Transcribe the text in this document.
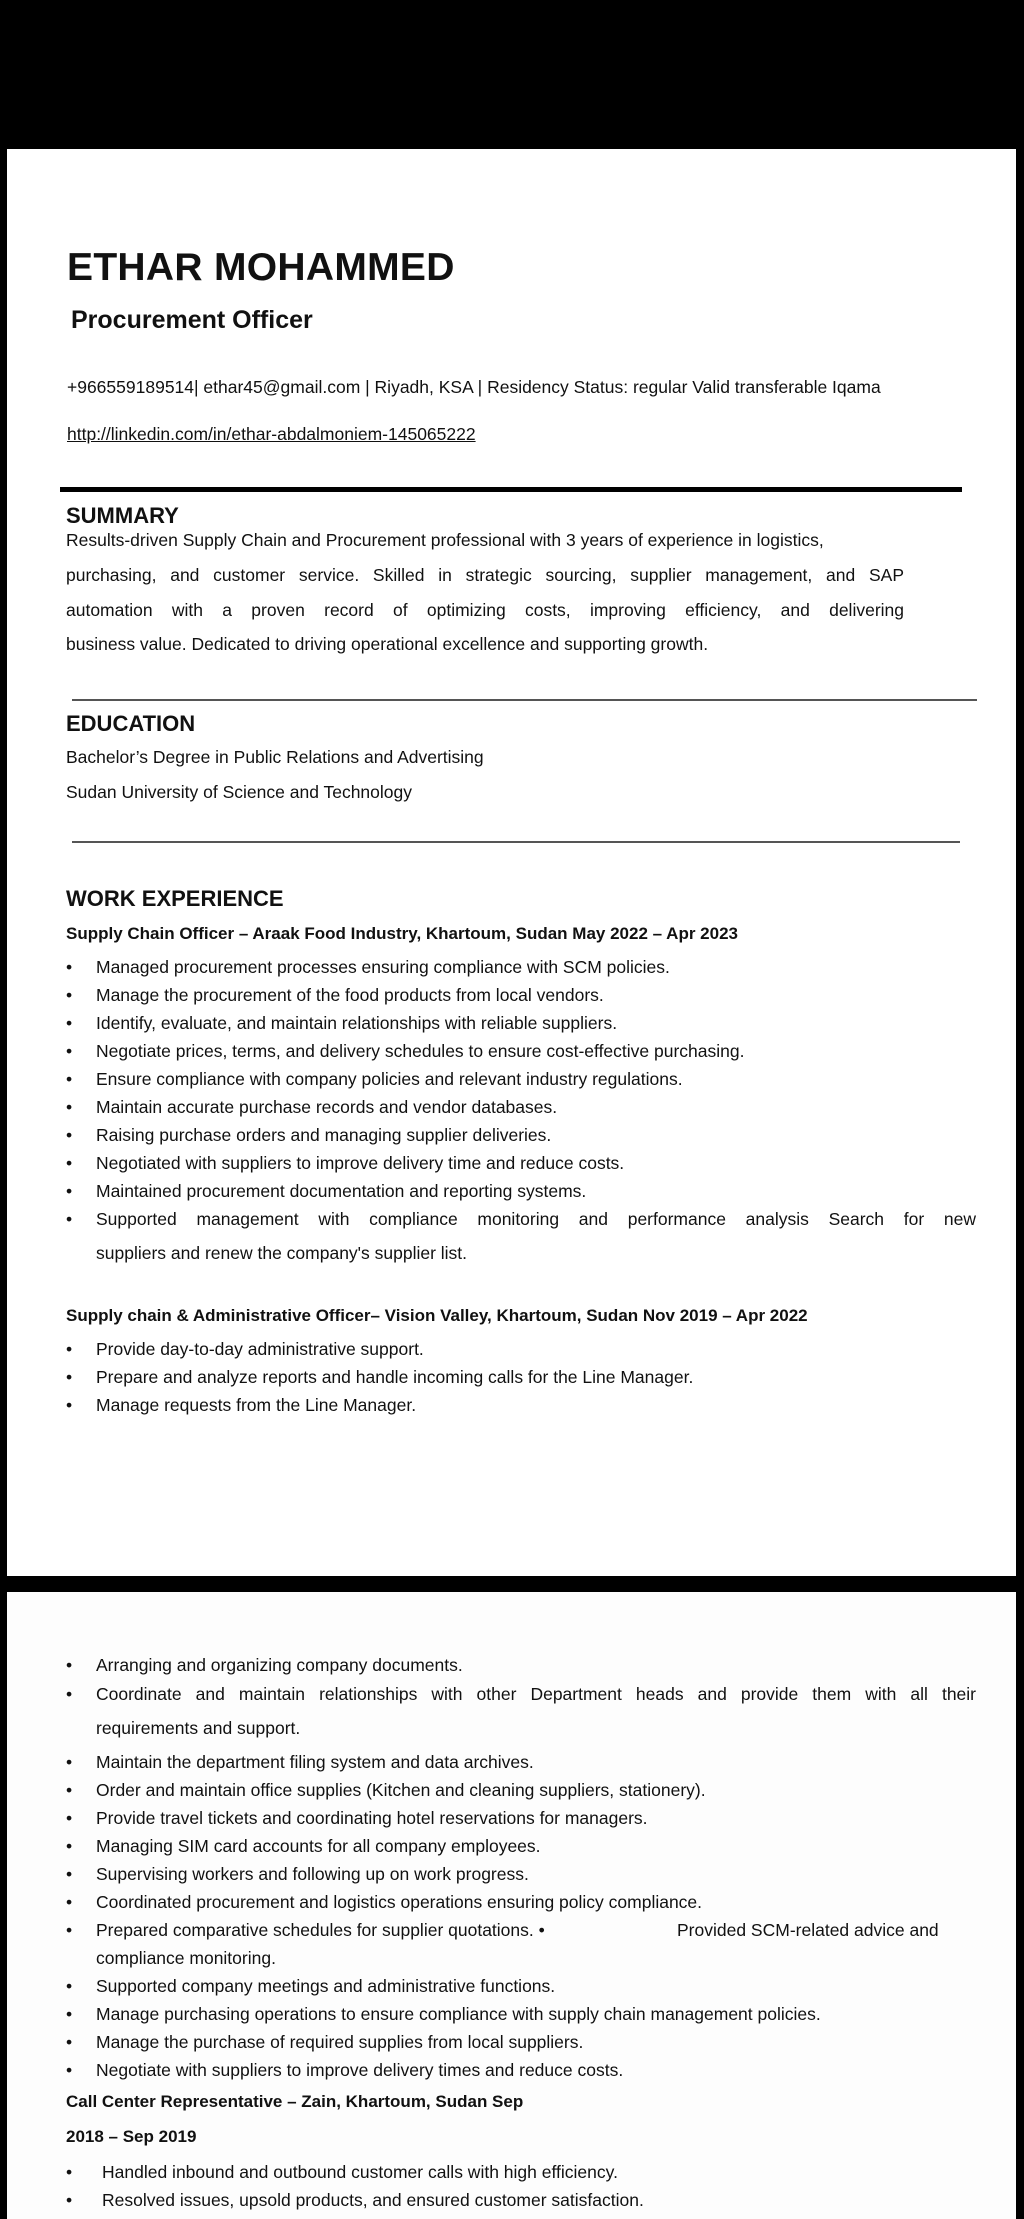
ETHAR MOHAMMED
Procurement Officer
+966559189514| ethar45@gmail.com | Riyadh, KSA | Residency Status: regular Valid transferable Iqama
http://linkedin.com/in/ethar-abdalmoniem-145065222
SUMMARY
Results-driven Supply Chain and Procurement professional with 3 years of experience in logistics,
purchasing, and customer service. Skilled in strategic sourcing, supplier management, and SAP
automation with a proven record of optimizing costs, improving efficiency, and delivering
business value. Dedicated to driving operational excellence and supporting growth.
EDUCATION
Bachelor’s Degree in Public Relations and Advertising
Sudan University of Science and Technology
WORK EXPERIENCE
Supply Chain Officer – Araak Food Industry, Khartoum, Sudan May 2022 – Apr 2023
• Managed procurement processes ensuring compliance with SCM policies.
• Manage the procurement of the food products from local vendors.
• Identify, evaluate, and maintain relationships with reliable suppliers.
• Negotiate prices, terms, and delivery schedules to ensure cost-effective purchasing.
• Ensure compliance with company policies and relevant industry regulations.
• Maintain accurate purchase records and vendor databases.
• Raising purchase orders and managing supplier deliveries.
• Negotiated with suppliers to improve delivery time and reduce costs.
• Maintained procurement documentation and reporting systems.
• Supported management with compliance monitoring and performance analysis Search for new
suppliers and renew the company's supplier list.
Supply chain & Administrative Officer– Vision Valley, Khartoum, Sudan Nov 2019 – Apr 2022
• Provide day-to-day administrative support.
• Prepare and analyze reports and handle incoming calls for the Line Manager.
• Manage requests from the Line Manager.
• Arranging and organizing company documents.
• Coordinate and maintain relationships with other Department heads and provide them with all their
requirements and support.
• Maintain the department filing system and data archives.
• Order and maintain office supplies (Kitchen and cleaning suppliers, stationery).
• Provide travel tickets and coordinating hotel reservations for managers.
• Managing SIM card accounts for all company employees.
• Supervising workers and following up on work progress.
• Coordinated procurement and logistics operations ensuring policy compliance.
• Prepared comparative schedules for supplier quotations. •	Provided SCM-related advice and
compliance monitoring.
• Supported company meetings and administrative functions.
• Manage purchasing operations to ensure compliance with supply chain management policies.
• Manage the purchase of required supplies from local suppliers.
• Negotiate with suppliers to improve delivery times and reduce costs.
Call Center Representative – Zain, Khartoum, Sudan Sep
2018 – Sep 2019
• Handled inbound and outbound customer calls with high efficiency.
• Resolved issues, upsold products, and ensured customer satisfaction.
